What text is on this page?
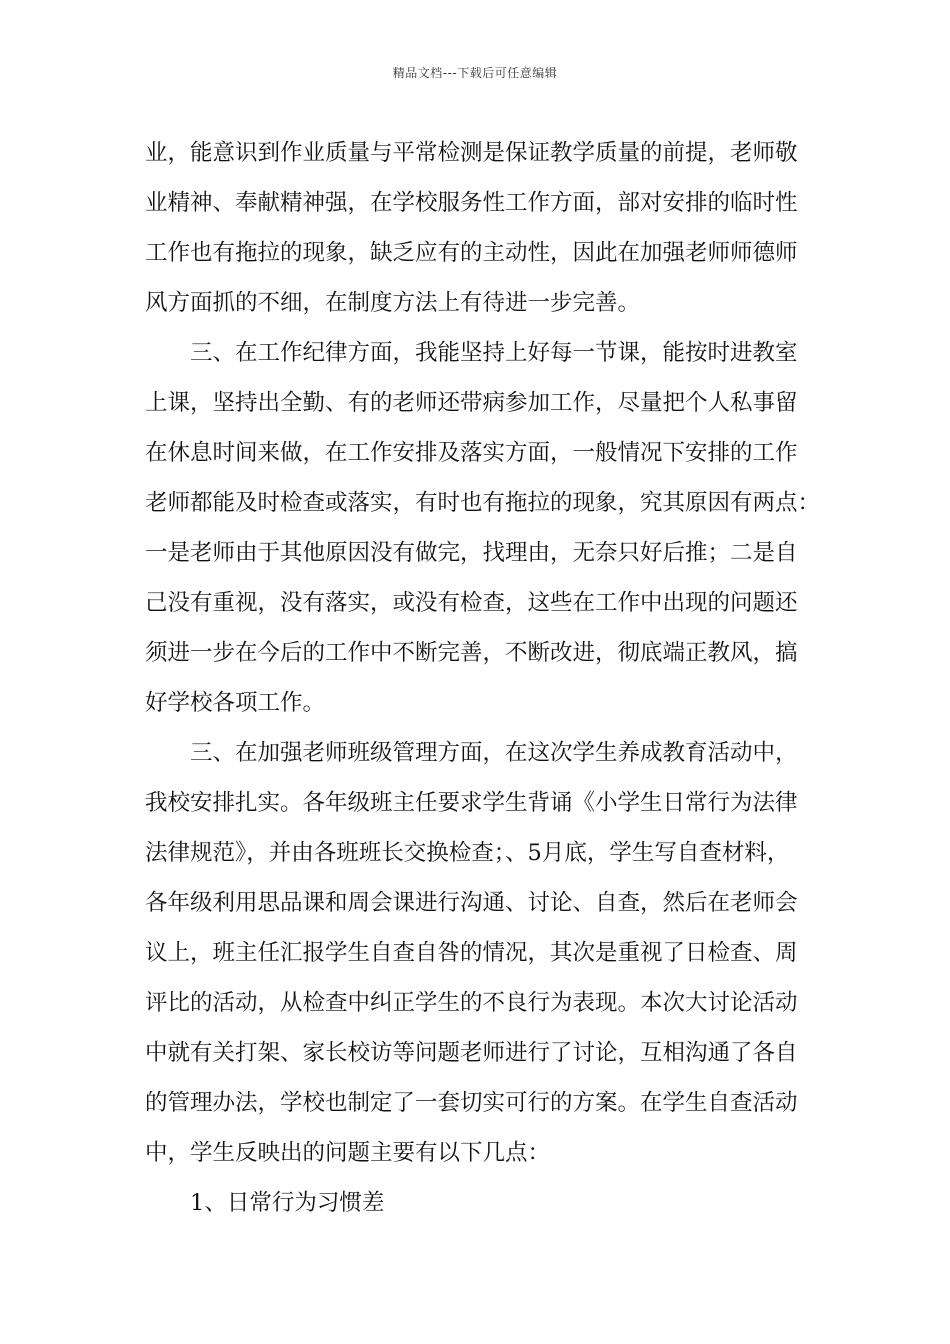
精品文档---下载后可任意编辑
业，能意识到作业质量与平常检测是保证教学质量的前提，老师敬
业精神、奉献精神强，在学校服务性工作方面，部对安排的临时性
工作也有拖拉的现象，缺乏应有的主动性，因此在加强老师师德师
风方面抓的不细，在制度方法上有待进一步完善。
三、在工作纪律方面，我能坚持上好每一节课，能按时进教室
上课，坚持出全勤、有的老师还带病参加工作，尽量把个人私事留
在休息时间来做，在工作安排及落实方面，一般情况下安排的工作
老师都能及时检查或落实，有时也有拖拉的现象，究其原因有两点：
一是老师由于其他原因没有做完，找理由，无奈只好后推；二是自
己没有重视，没有落实，或没有检查，这些在工作中出现的问题还
须进一步在今后的工作中不断完善，不断改进，彻底端正教风，搞
好学校各项工作。
三、在加强老师班级管理方面，在这次学生养成教育活动中，
我校安排扎实。各年级班主任要求学生背诵《小学生日常行为法律
法律规范》，并由各班班长交换检查；、5月底，学生写自查材料，
各年级利用思品课和周会课进行沟通、讨论、自查，然后在老师会
议上，班主任汇报学生自查自咎的情况，其次是重视了日检查、周
评比的活动，从检查中纠正学生的不良行为表现。本次大讨论活动
中就有关打架、家长校访等问题老师进行了讨论，互相沟通了各自
的管理办法，学校也制定了一套切实可行的方案。在学生自查活动
中，学生反映出的问题主要有以下几点：
1、日常行为习惯差
